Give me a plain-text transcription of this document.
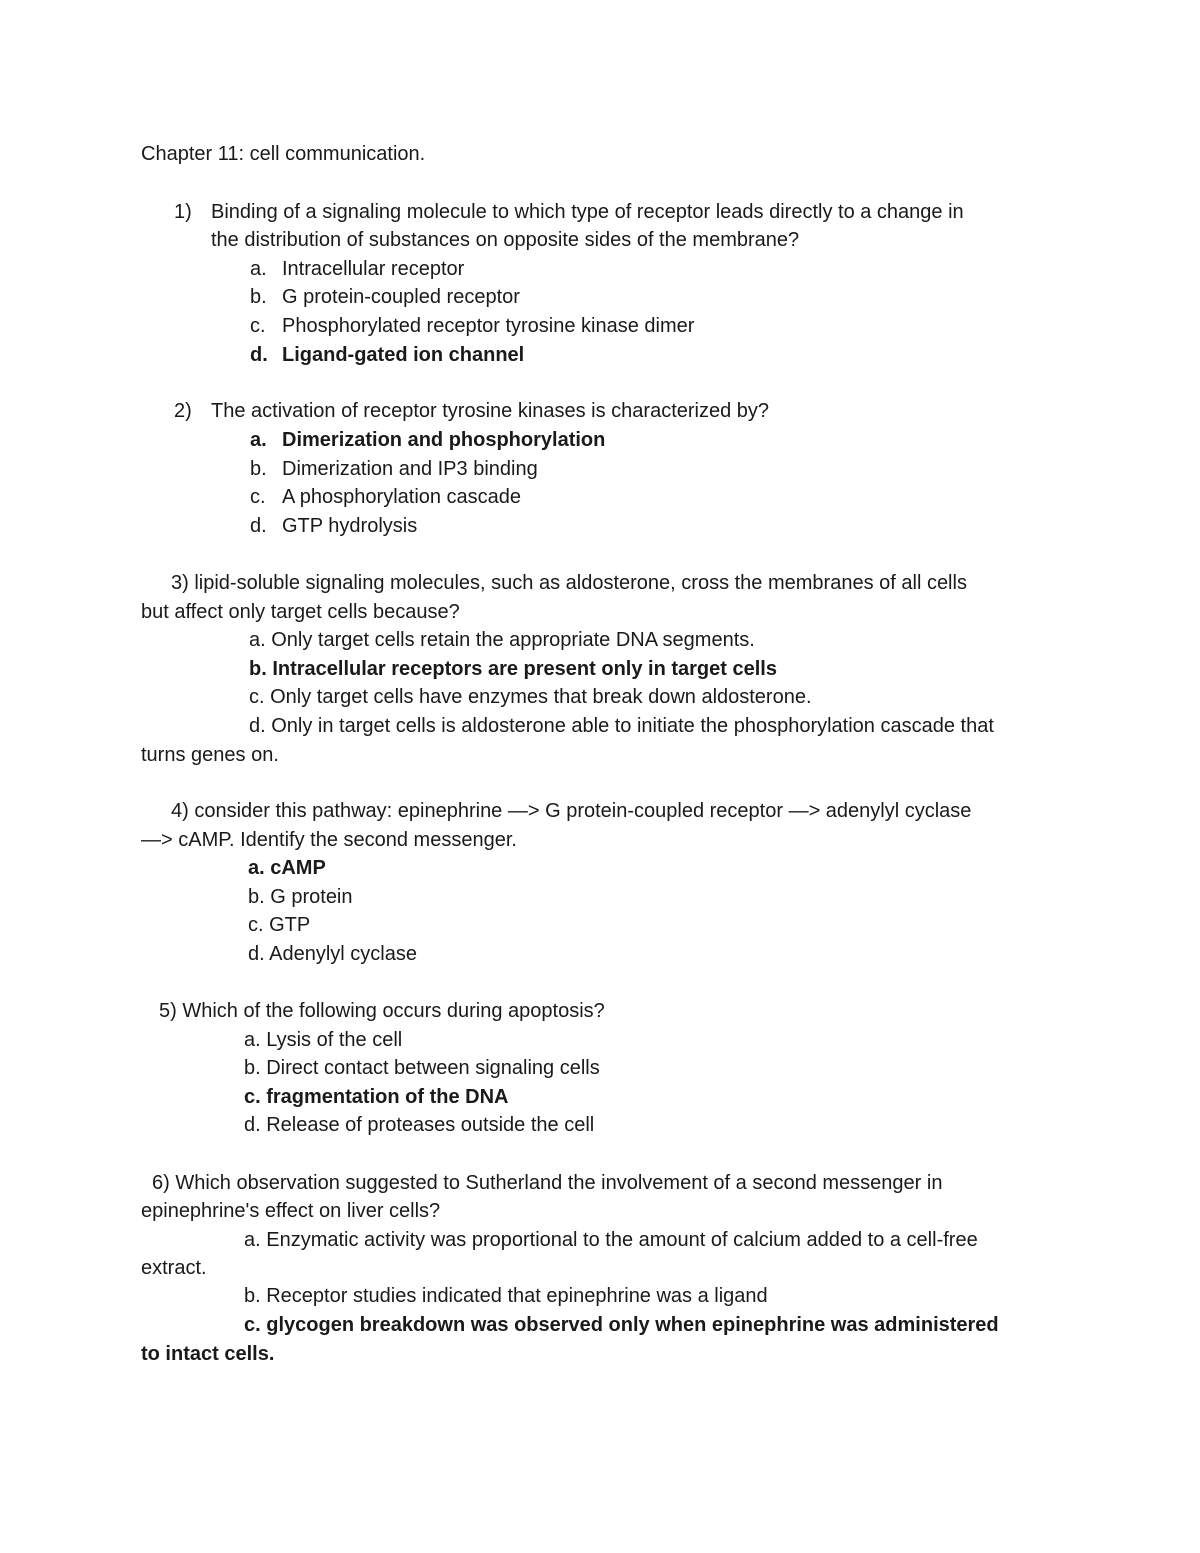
Chapter 11: cell communication.
1) Binding of a signaling molecule to which type of receptor leads directly to a change in
the distribution of substances on opposite sides of the membrane?
a. Intracellular receptor
b. G protein-coupled receptor
c. Phosphorylated receptor tyrosine kinase dimer
d. Ligand-gated ion channel
2) The activation of receptor tyrosine kinases is characterized by?
a. Dimerization and phosphorylation
b. Dimerization and IP3 binding
c. A phosphorylation cascade
d. GTP hydrolysis
3) lipid-soluble signaling molecules, such as aldosterone, cross the membranes of all cells
but affect only target cells because?
a. Only target cells retain the appropriate DNA segments.
b. Intracellular receptors are present only in target cells
c. Only target cells have enzymes that break down aldosterone.
d. Only in target cells is aldosterone able to initiate the phosphorylation cascade that
turns genes on.
4) consider this pathway: epinephrine —> G protein-coupled receptor —> adenylyl cyclase
—> cAMP. Identify the second messenger.
a. cAMP
b. G protein
c. GTP
d. Adenylyl cyclase
5) Which of the following occurs during apoptosis?
a. Lysis of the cell
b. Direct contact between signaling cells
c. fragmentation of the DNA
d. Release of proteases outside the cell
6) Which observation suggested to Sutherland the involvement of a second messenger in
epinephrine's effect on liver cells?
a. Enzymatic activity was proportional to the amount of calcium added to a cell-free
extract.
b. Receptor studies indicated that epinephrine was a ligand
c. glycogen breakdown was observed only when epinephrine was administered
to intact cells.
